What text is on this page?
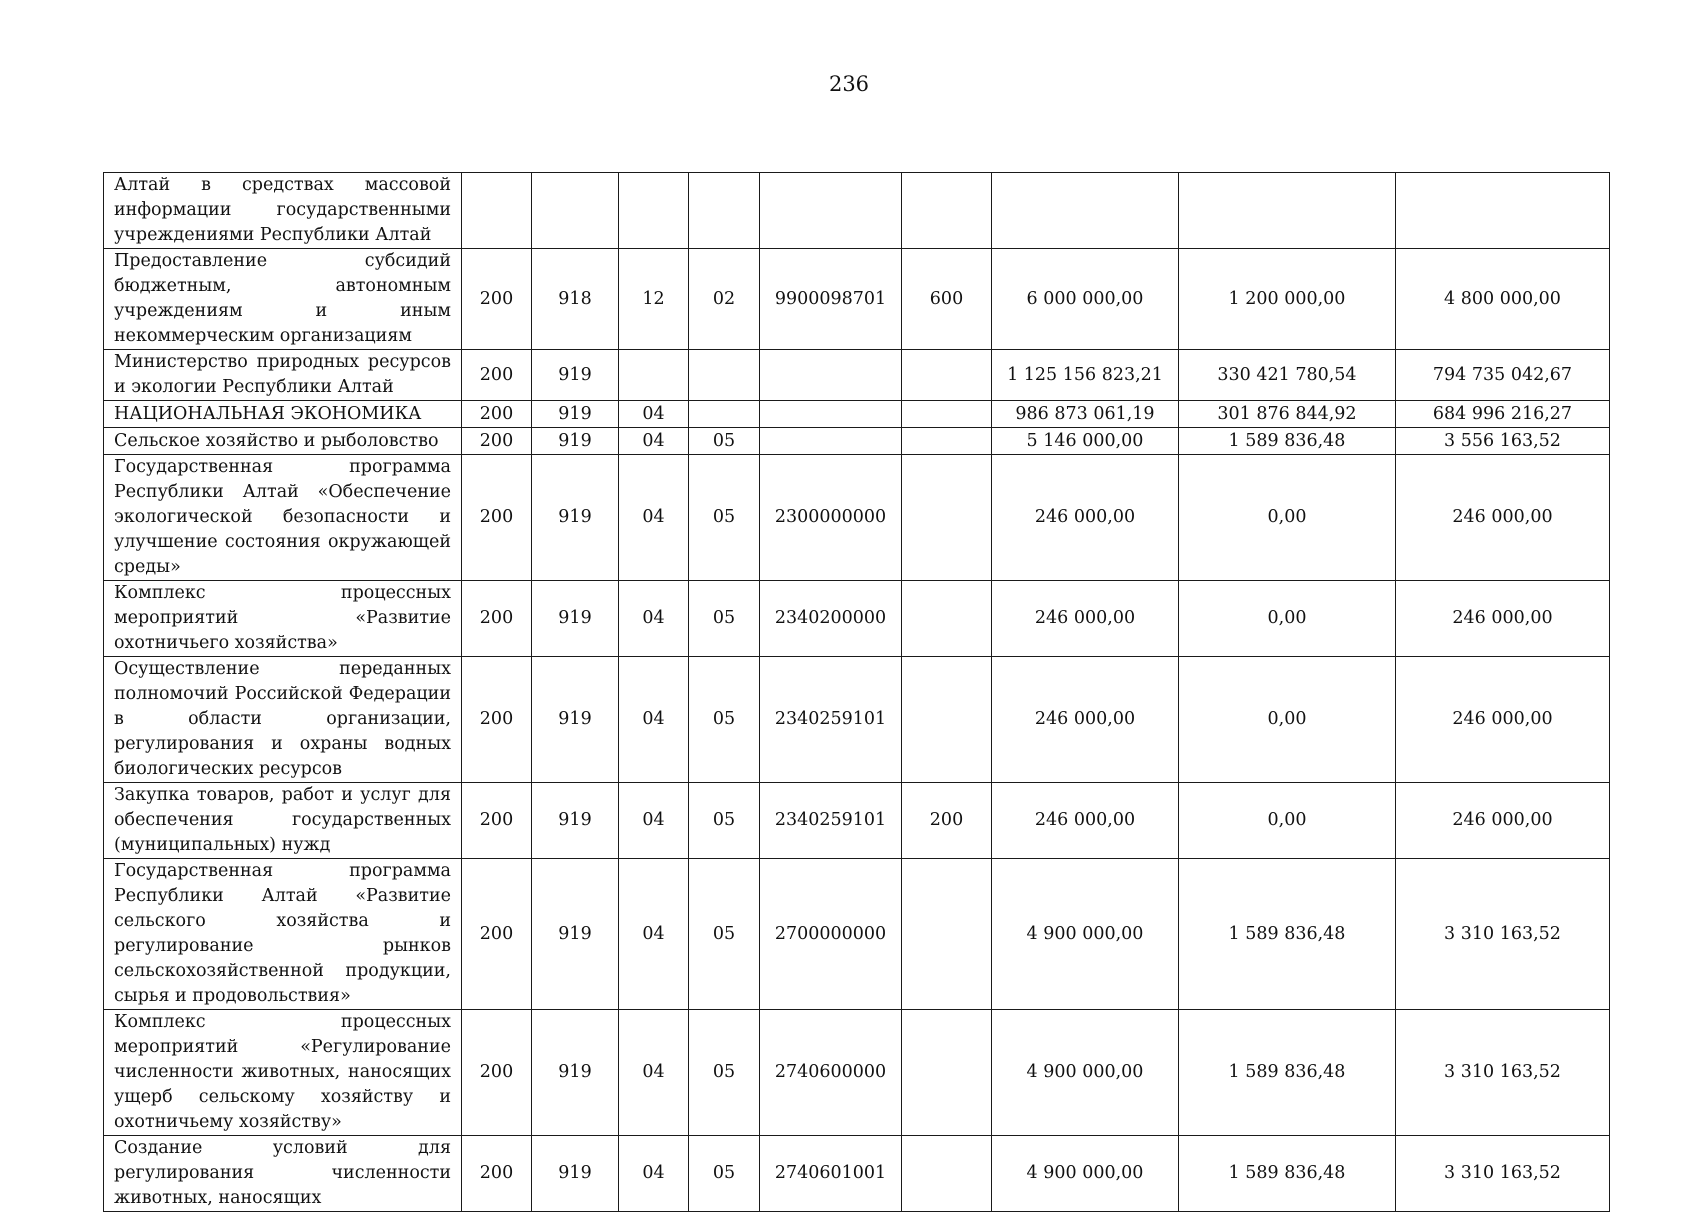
236
Алтай в средствах массовой информации государственными учреждениями Республики Алтай									
Предоставление субсидий бюджетным, автономным учреждениям и иным некоммерческим организациям	200	918	12	02	9900098701	600	6 000 000,00	1 200 000,00	4 800 000,00
Министерство природных ресурсов и экологии Республики Алтай	200	919					1 125 156 823,21	330 421 780,54	794 735 042,67
НАЦИОНАЛЬНАЯ ЭКОНОМИКА	200	919	04				986 873 061,19	301 876 844,92	684 996 216,27
Сельское хозяйство и рыболовство	200	919	04	05			5 146 000,00	1 589 836,48	3 556 163,52
Государственная программа Республики Алтай «Обеспечение экологической безопасности и улучшение состояния окружающей среды»	200	919	04	05	2300000000		246 000,00	0,00	246 000,00
Комплекс процессных мероприятий «Развитие охотничьего хозяйства»	200	919	04	05	2340200000		246 000,00	0,00	246 000,00
Осуществление переданных полномочий Российской Федерации в области организации, регулирования и охраны водных биологических ресурсов	200	919	04	05	2340259101		246 000,00	0,00	246 000,00
Закупка товаров, работ и услуг для обеспечения государственных (муниципальных) нужд	200	919	04	05	2340259101	200	246 000,00	0,00	246 000,00
Государственная программа Республики Алтай «Развитие сельского хозяйства и регулирование рынков сельскохозяйственной продукции, сырья и продовольствия»	200	919	04	05	2700000000		4 900 000,00	1 589 836,48	3 310 163,52
Комплекс процессных мероприятий «Регулирование численности животных, наносящих ущерб сельскому хозяйству и охотничьему хозяйству»	200	919	04	05	2740600000		4 900 000,00	1 589 836,48	3 310 163,52
Создание условий для регулирования численности животных, наносящих	200	919	04	05	2740601001		4 900 000,00	1 589 836,48	3 310 163,52
